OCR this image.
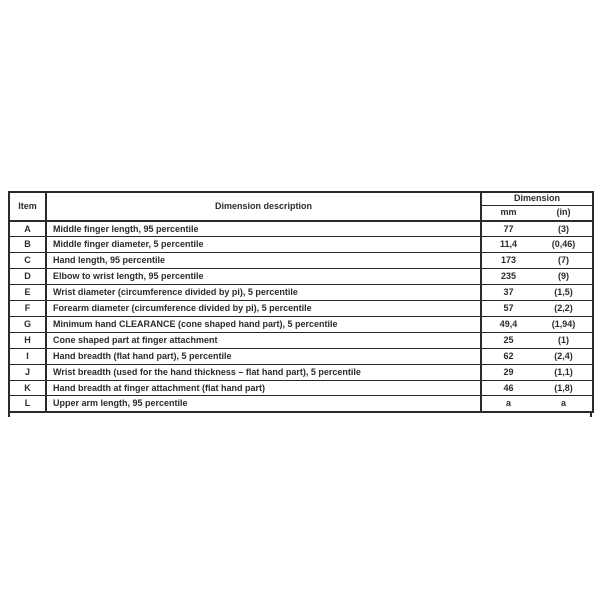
Item	Dimension description	Dimension	
		mm	(in)
A	Middle finger length, 95 percentile	77	(3)
B	Middle finger diameter, 5 percentile	11,4	(0,46)
C	Hand length, 95 percentile	173	(7)
D	Elbow to wrist length, 95 percentile	235	(9)
E	Wrist diameter (circumference divided by pi), 5 percentile	37	(1,5)
F	Forearm diameter (circumference divided by pi), 5 percentile	57	(2,2)
G	Minimum hand CLEARANCE (cone shaped hand part), 5 percentile	49,4	(1,94)
H	Cone shaped part at finger attachment	25	(1)
I	Hand breadth (flat hand part), 5 percentile	62	(2,4)
J	Wrist breadth (used for the hand thickness – flat hand part), 5 percentile	29	(1,1)
K	Hand breadth at finger attachment (flat hand part)	46	(1,8)
L	Upper arm length, 95 percentile	a	a
